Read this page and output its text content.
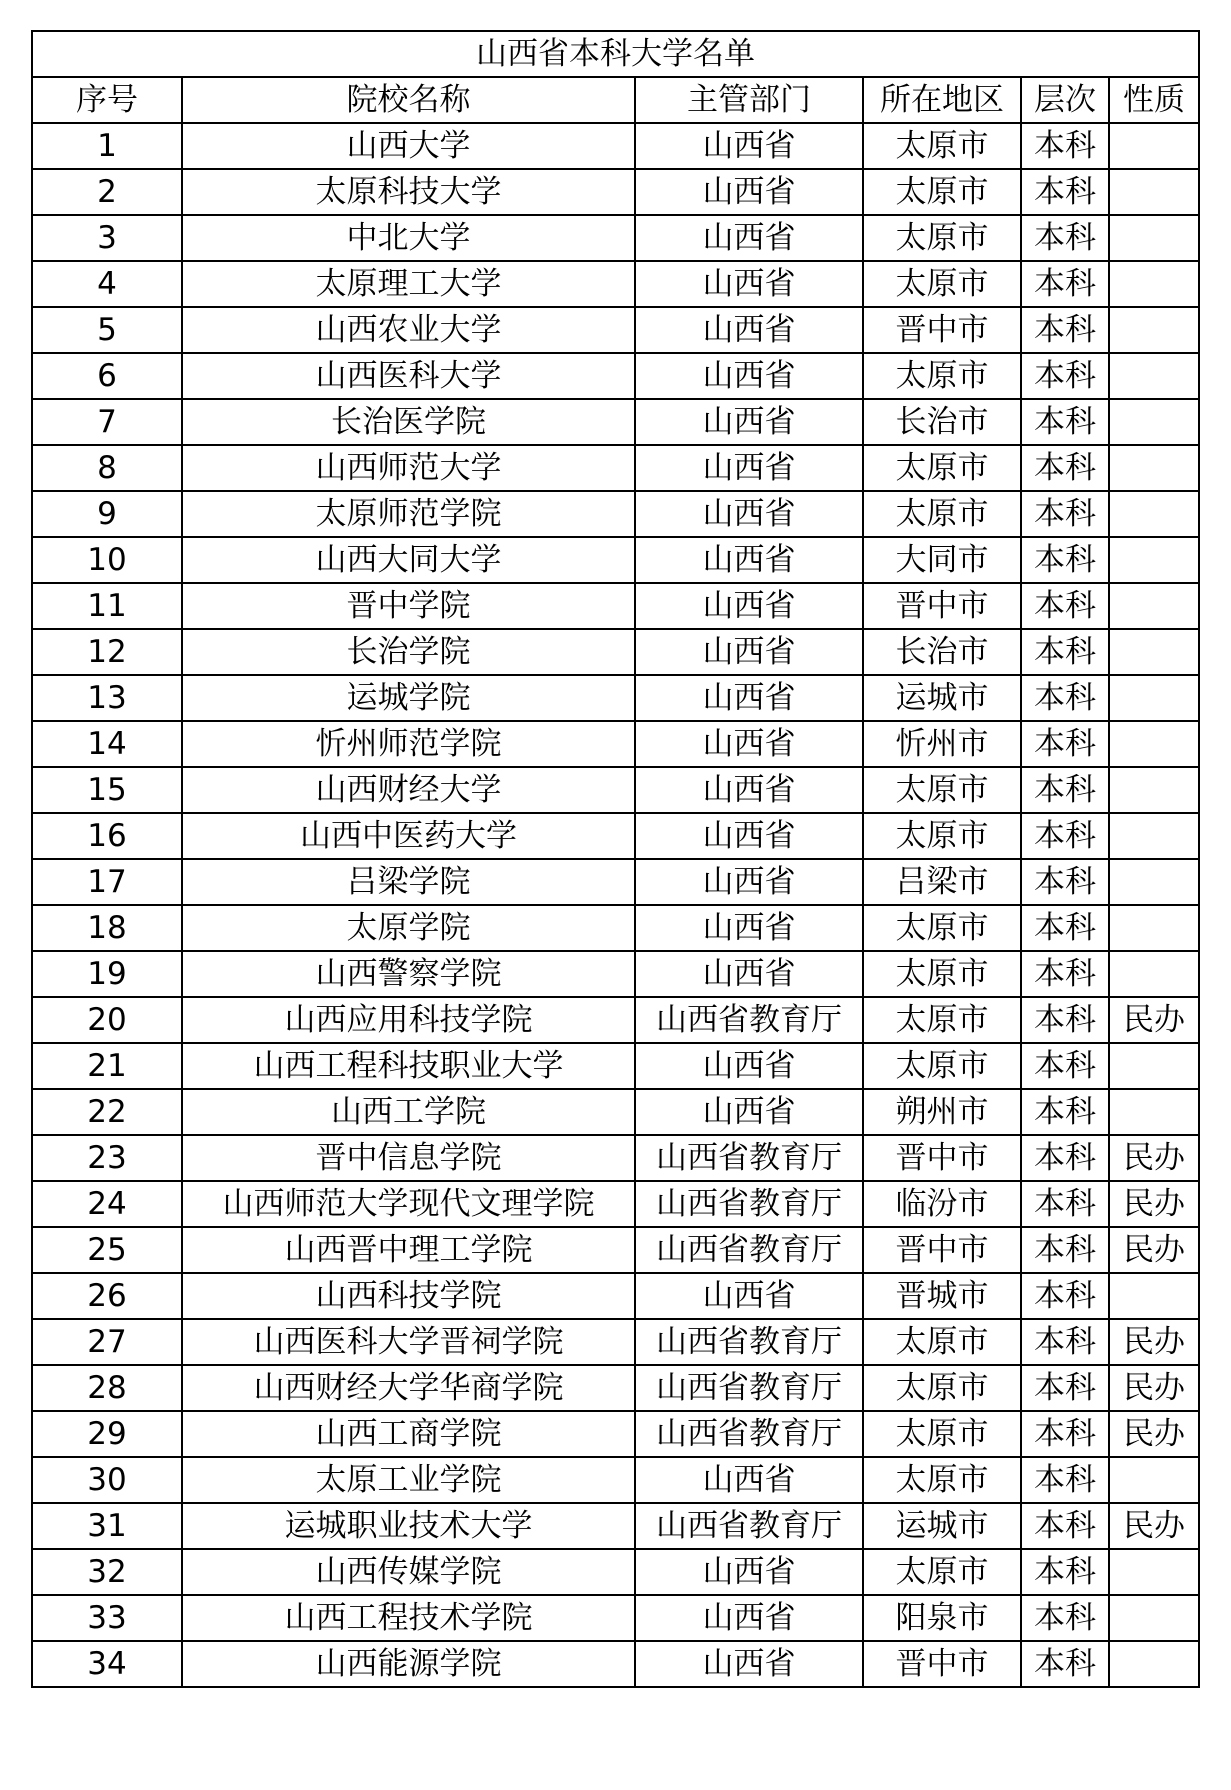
山西省本科大学名单					
序号	院校名称	主管部门	所在地区	层次	性质
1	山西大学	山西省	太原市	本科	
2	太原科技大学	山西省	太原市	本科	
3	中北大学	山西省	太原市	本科	
4	太原理工大学	山西省	太原市	本科	
5	山西农业大学	山西省	晋中市	本科	
6	山西医科大学	山西省	太原市	本科	
7	长治医学院	山西省	长治市	本科	
8	山西师范大学	山西省	太原市	本科	
9	太原师范学院	山西省	太原市	本科	
10	山西大同大学	山西省	大同市	本科	
11	晋中学院	山西省	晋中市	本科	
12	长治学院	山西省	长治市	本科	
13	运城学院	山西省	运城市	本科	
14	忻州师范学院	山西省	忻州市	本科	
15	山西财经大学	山西省	太原市	本科	
16	山西中医药大学	山西省	太原市	本科	
17	吕梁学院	山西省	吕梁市	本科	
18	太原学院	山西省	太原市	本科	
19	山西警察学院	山西省	太原市	本科	
20	山西应用科技学院	山西省教育厅	太原市	本科	民办
21	山西工程科技职业大学	山西省	太原市	本科	
22	山西工学院	山西省	朔州市	本科	
23	晋中信息学院	山西省教育厅	晋中市	本科	民办
24	山西师范大学现代文理学院	山西省教育厅	临汾市	本科	民办
25	山西晋中理工学院	山西省教育厅	晋中市	本科	民办
26	山西科技学院	山西省	晋城市	本科	
27	山西医科大学晋祠学院	山西省教育厅	太原市	本科	民办
28	山西财经大学华商学院	山西省教育厅	太原市	本科	民办
29	山西工商学院	山西省教育厅	太原市	本科	民办
30	太原工业学院	山西省	太原市	本科	
31	运城职业技术大学	山西省教育厅	运城市	本科	民办
32	山西传媒学院	山西省	太原市	本科	
33	山西工程技术学院	山西省	阳泉市	本科	
34	山西能源学院	山西省	晋中市	本科	
